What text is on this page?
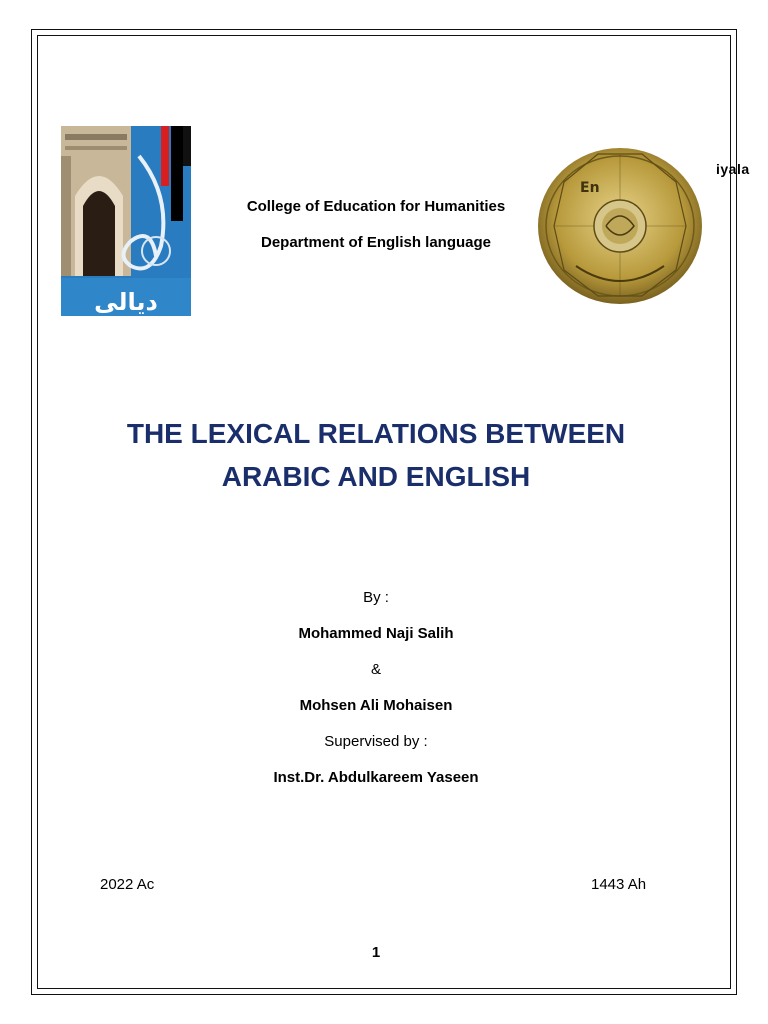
ديالى
En
iyala
College of Education for Humanities
Department of English language
THE LEXICAL RELATIONS BETWEEN
ARABIC AND ENGLISH
By :
Mohammed Naji Salih
&
Mohsen Ali Mohaisen
Supervised by :
Inst.Dr. Abdulkareem Yaseen
2022 Ac	1443 Ah
1
